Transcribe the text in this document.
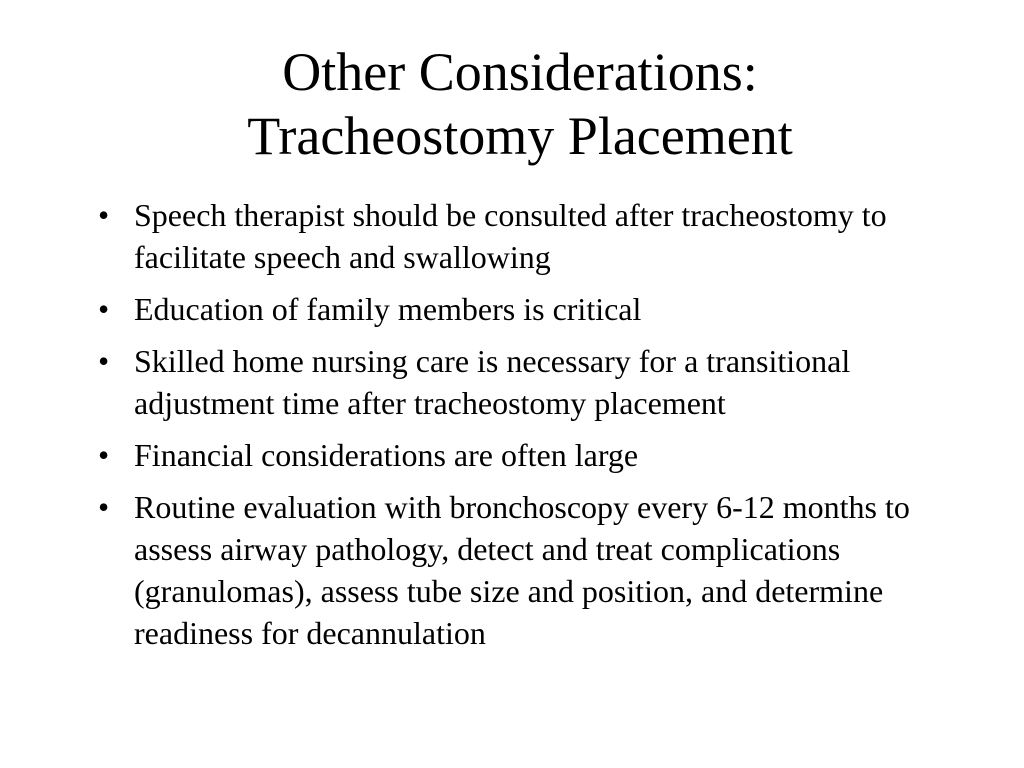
Other Considerations:
Tracheostomy Placement
• Speech therapist should be consulted after tracheostomy to facilitate speech and swallowing
• Education of family members is critical
• Skilled home nursing care is necessary for a transitional adjustment time after tracheostomy placement
• Financial considerations are often large
• Routine evaluation with bronchoscopy every 6-12 months to assess airway pathology, detect and treat complications (granulomas), assess tube size and position, and determine readiness for decannulation
